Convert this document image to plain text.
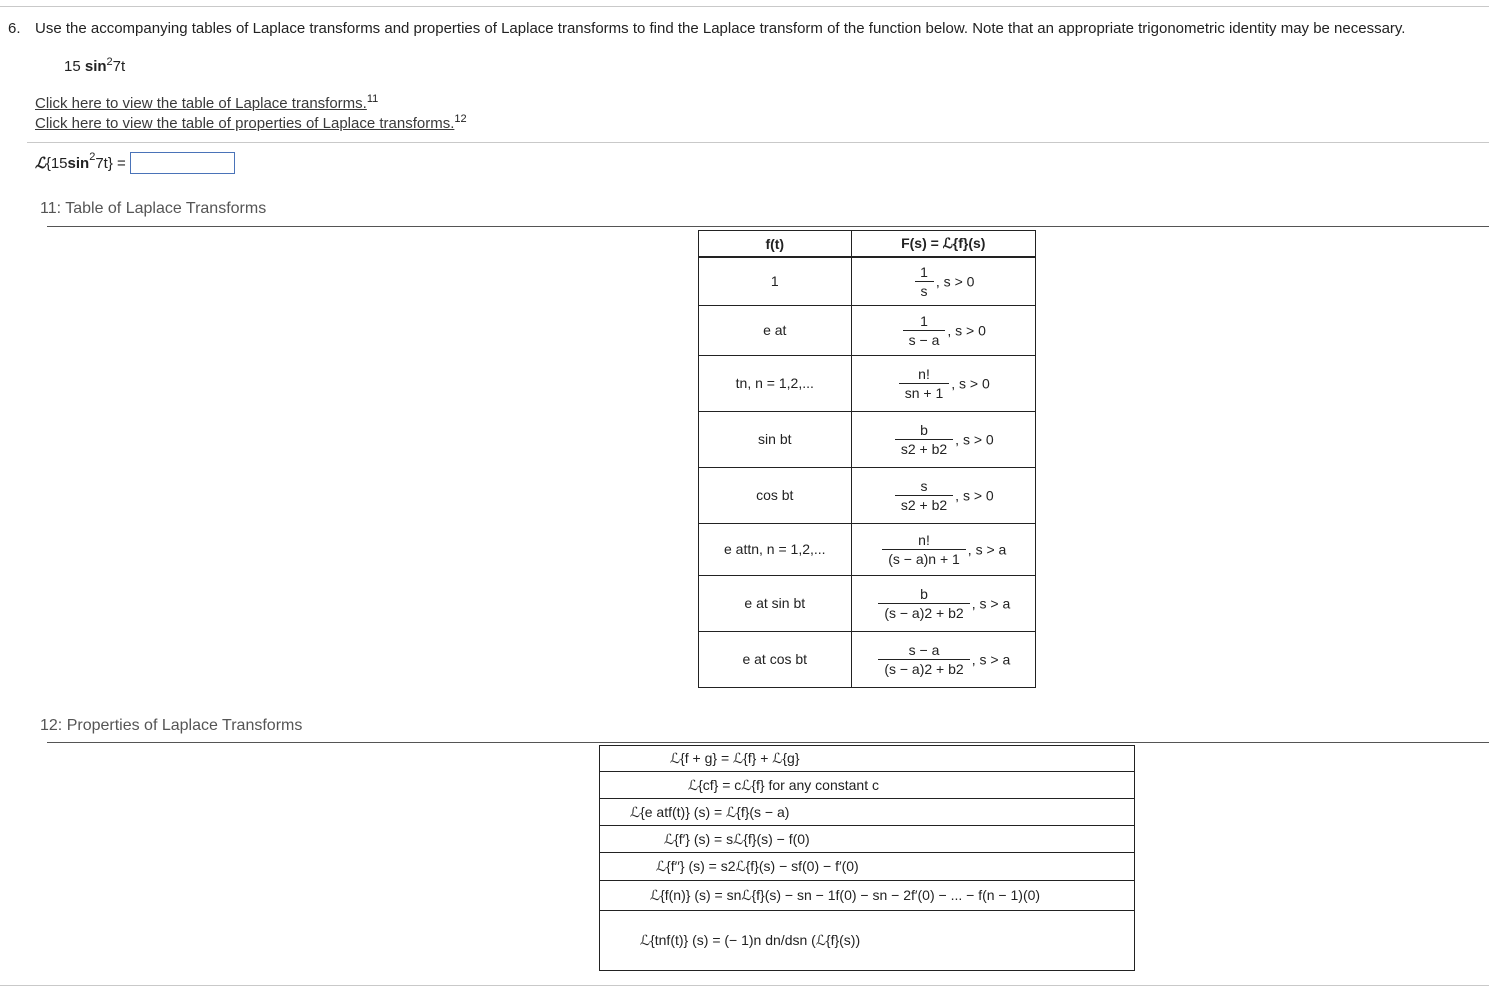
6. Use the accompanying tables of Laplace transforms and properties of Laplace transforms to find the Laplace transform of the function below. Note that an appropriate trigonometric identity may be necessary.
15 $\sin^27t$
Click here to view the table of Laplace transforms.$^{11}$
Click here to view the table of properties of Laplace transforms.$^{12}$
ℒ {15 $\sin^2 7t$} =
11: Table of Laplace Transforms
f(t)	F(s) = ℒ{f}(s)
1	$\frac{1}{s}$ , s > 0
e at	$\frac{1}{s - a}$ , s > 0
tn, n = 1,2,...	$\frac{n!}{sn + 1}$ , s > 0
sin bt	$\frac{b}{s2 + b2}$ , s > 0
cos bt	$\frac{s}{s2 + b2}$ , s > 0
e attn, n = 1,2,...	$\frac{n!}{(s - a)n + 1}$ , s > a
e at sin bt	$\frac{b}{(s - a)2 + b2}$ , s > a
e at cos bt	$\frac{s - a}{(s - a)2 + b2}$ , s > a
12: Properties of Laplace Transforms
ℒ{f + g} = ℒ{f} + ℒ{g}
ℒ{cf} = cℒ{f} for any constant c
ℒ{e atf(t)} (s) = ℒ{f}(s − a)
ℒ{f′} (s) = sℒ{f}(s) − f(0)
ℒ{f′′} (s) = s2ℒ{f}(s) − sf(0) − f′(0)
ℒ{f(n)} (s) = snℒ{f}(s) − sn − 1f(0) − sn − 2f′(0) − ... − f(n − 1)(0)
ℒ{tnf(t)} (s) = (− 1)n dn/dsn (ℒ{f}(s))
